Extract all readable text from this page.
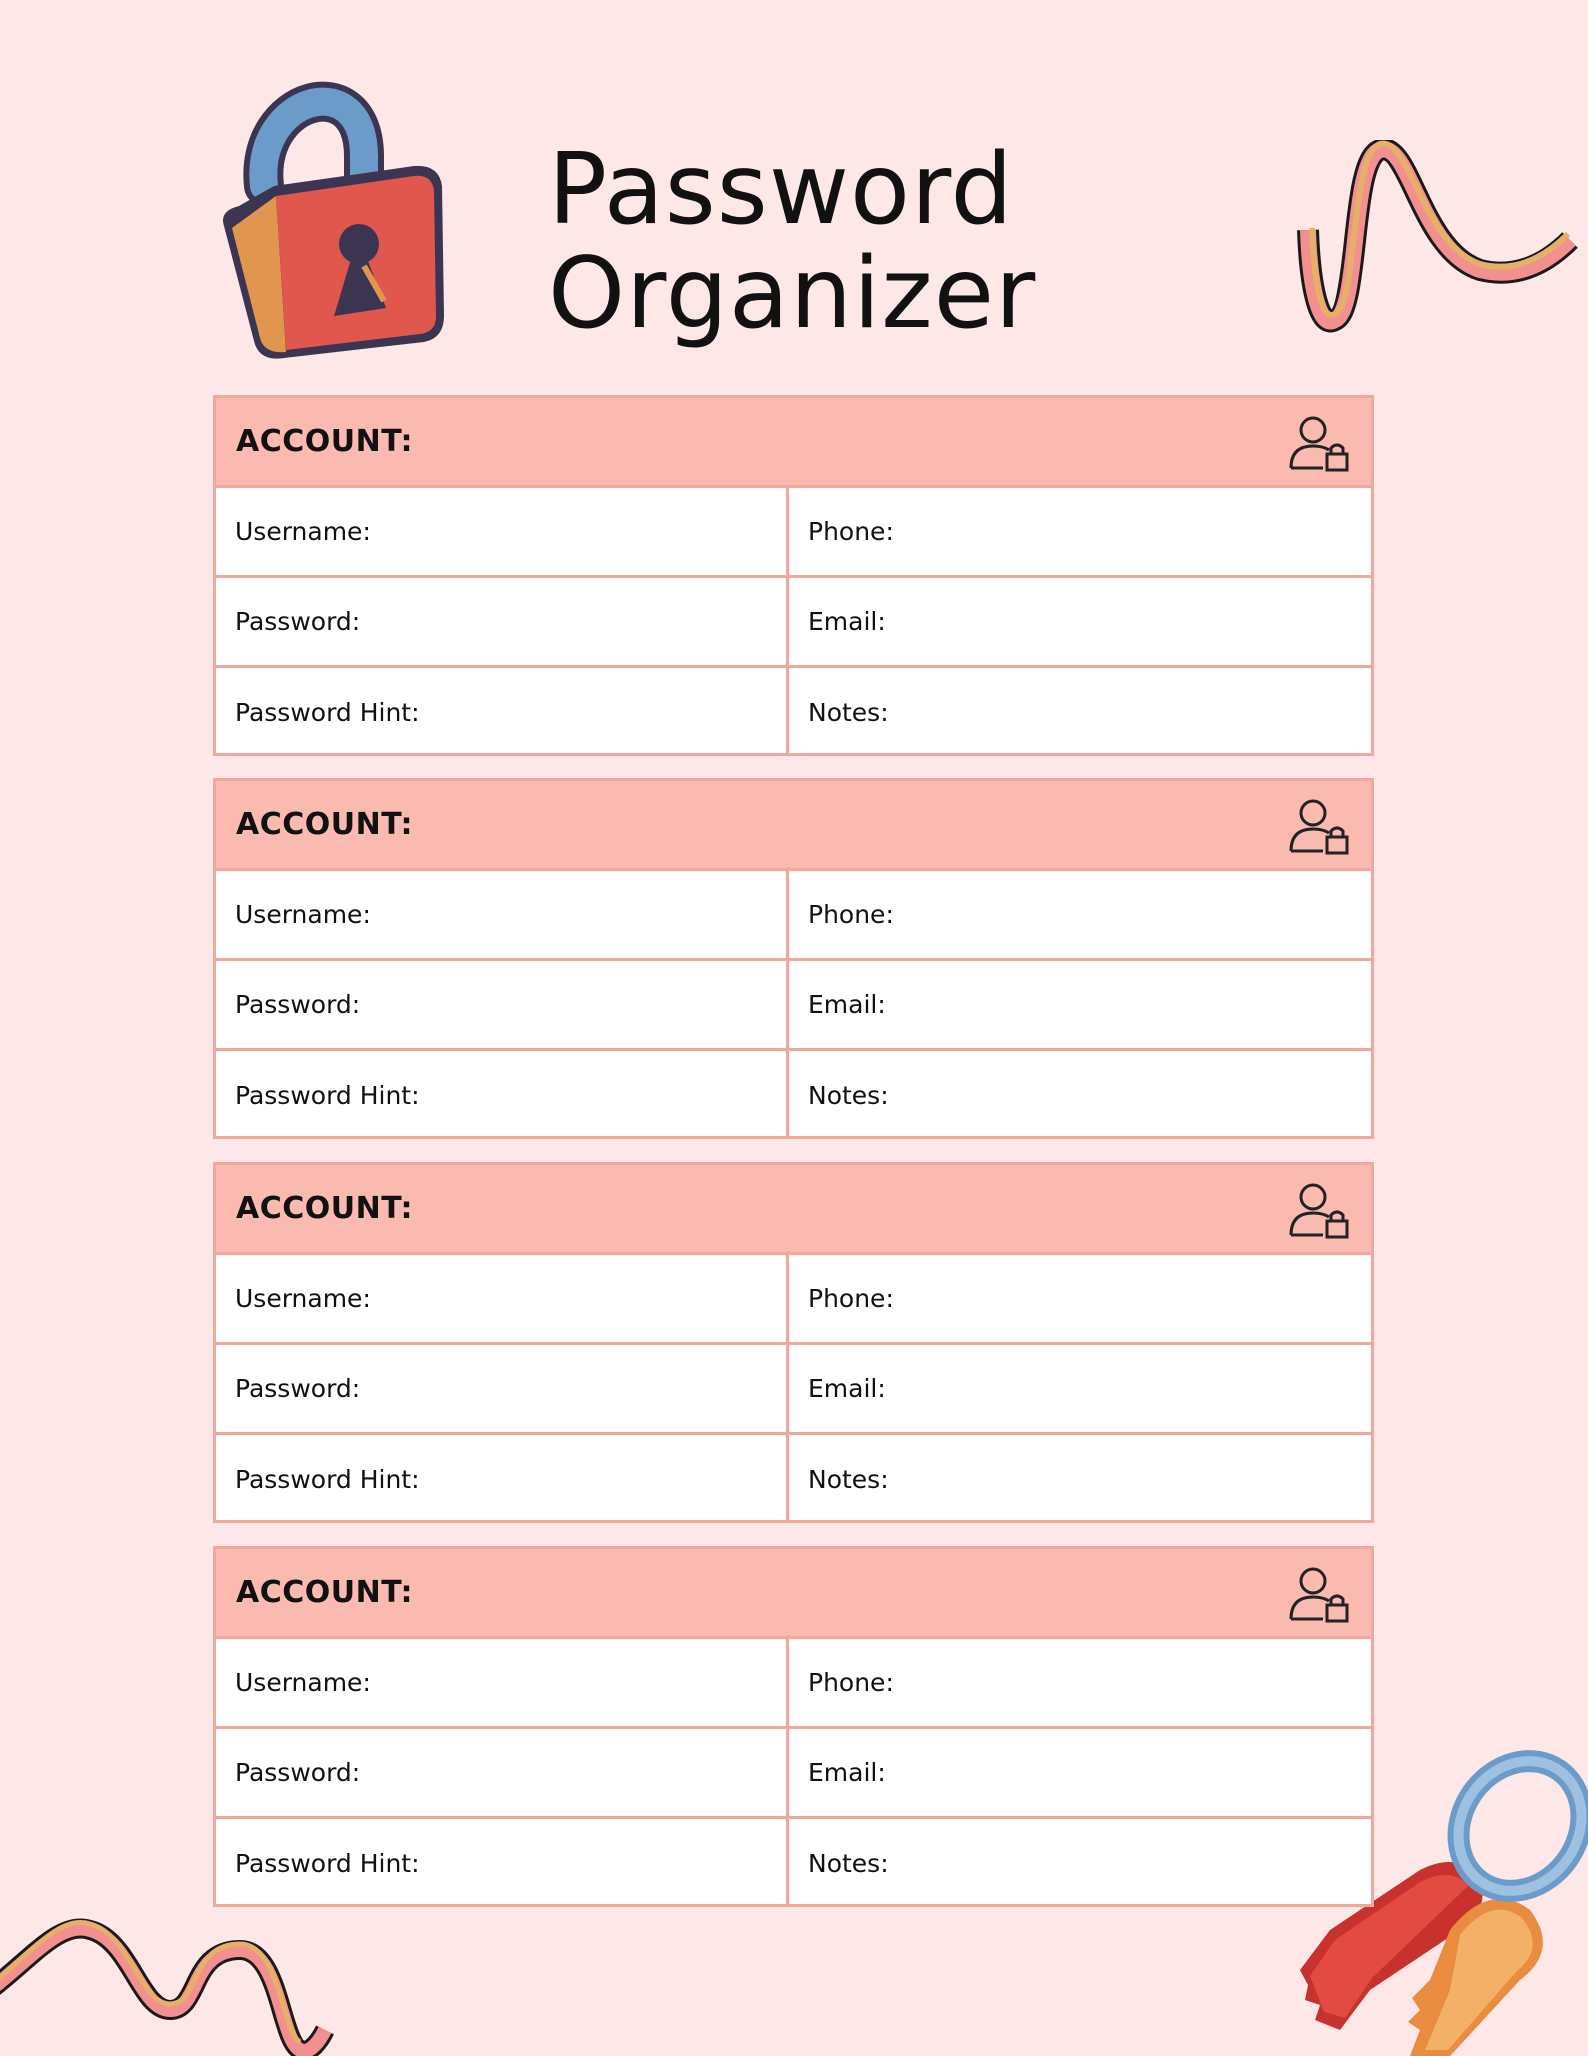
Password
Organizer
ACCOUNT:
Username:	Phone:
Password:	Email:
Password Hint:	Notes:
ACCOUNT:
Username:	Phone:
Password:	Email:
Password Hint:	Notes:
ACCOUNT:
Username:	Phone:
Password:	Email:
Password Hint:	Notes:
ACCOUNT:
Username:	Phone:
Password:	Email:
Password Hint:	Notes:
